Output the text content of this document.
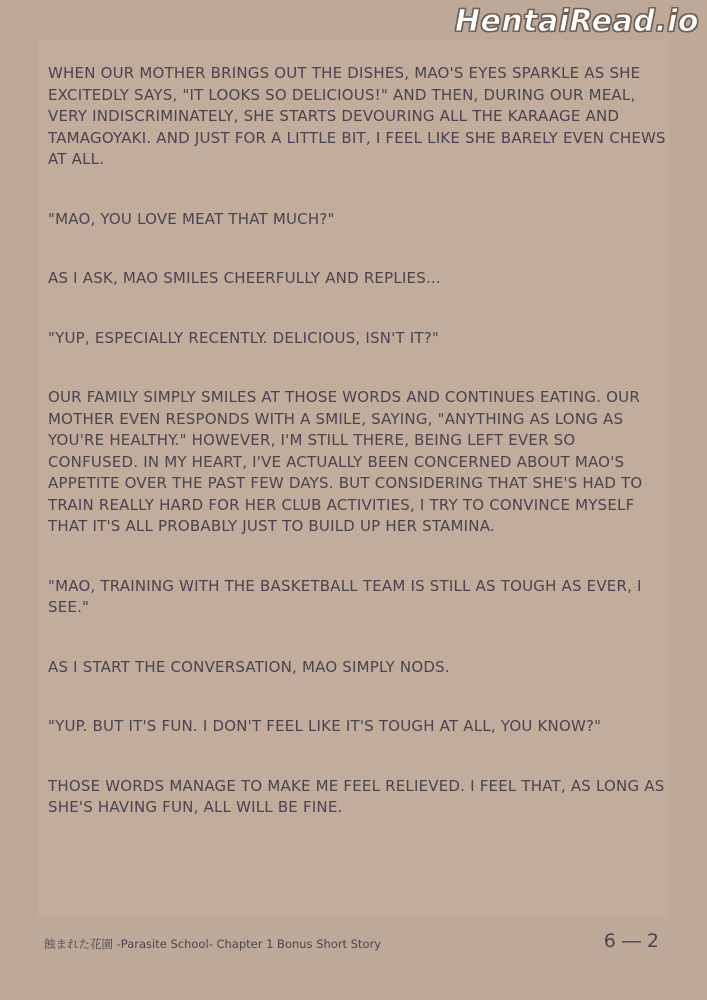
HentaiRead.io

WHEN OUR MOTHER BRINGS OUT THE DISHES, MAO'S EYES SPARKLE AS SHE EXCITEDLY SAYS, "IT LOOKS SO DELICIOUS!" AND THEN, DURING OUR MEAL, VERY INDISCRIMINATELY, SHE STARTS DEVOURING ALL THE KARAAGE AND TAMAGOYAKI. AND JUST FOR A LITTLE BIT, I FEEL LIKE SHE BARELY EVEN CHEWS AT ALL.

"MAO, YOU LOVE MEAT THAT MUCH?"

AS I ASK, MAO SMILES CHEERFULLY AND REPLIES...

"YUP, ESPECIALLY RECENTLY. DELICIOUS, ISN'T IT?"

OUR FAMILY SIMPLY SMILES AT THOSE WORDS AND CONTINUES EATING. OUR MOTHER EVEN RESPONDS WITH A SMILE, SAYING, "ANYTHING AS LONG AS YOU'RE HEALTHY." HOWEVER, I'M STILL THERE, BEING LEFT EVER SO CONFUSED. IN MY HEART, I'VE ACTUALLY BEEN CONCERNED ABOUT MAO'S APPETITE OVER THE PAST FEW DAYS. BUT CONSIDERING THAT SHE'S HAD TO TRAIN REALLY HARD FOR HER CLUB ACTIVITIES, I TRY TO CONVINCE MYSELF THAT IT'S ALL PROBABLY JUST TO BUILD UP HER STAMINA.

"MAO, TRAINING WITH THE BASKETBALL TEAM IS STILL AS TOUGH AS EVER, I SEE."

AS I START THE CONVERSATION, MAO SIMPLY NODS.

"YUP. BUT IT'S FUN. I DON'T FEEL LIKE IT'S TOUGH AT ALL, YOU KNOW?"

THOSE WORDS MANAGE TO MAKE ME FEEL RELIEVED. I FEEL THAT, AS LONG AS SHE'S HAVING FUN, ALL WILL BE FINE.

蝕まれた花園 -Parasite School- Chapter 1 Bonus Short Story	6 ― 2
